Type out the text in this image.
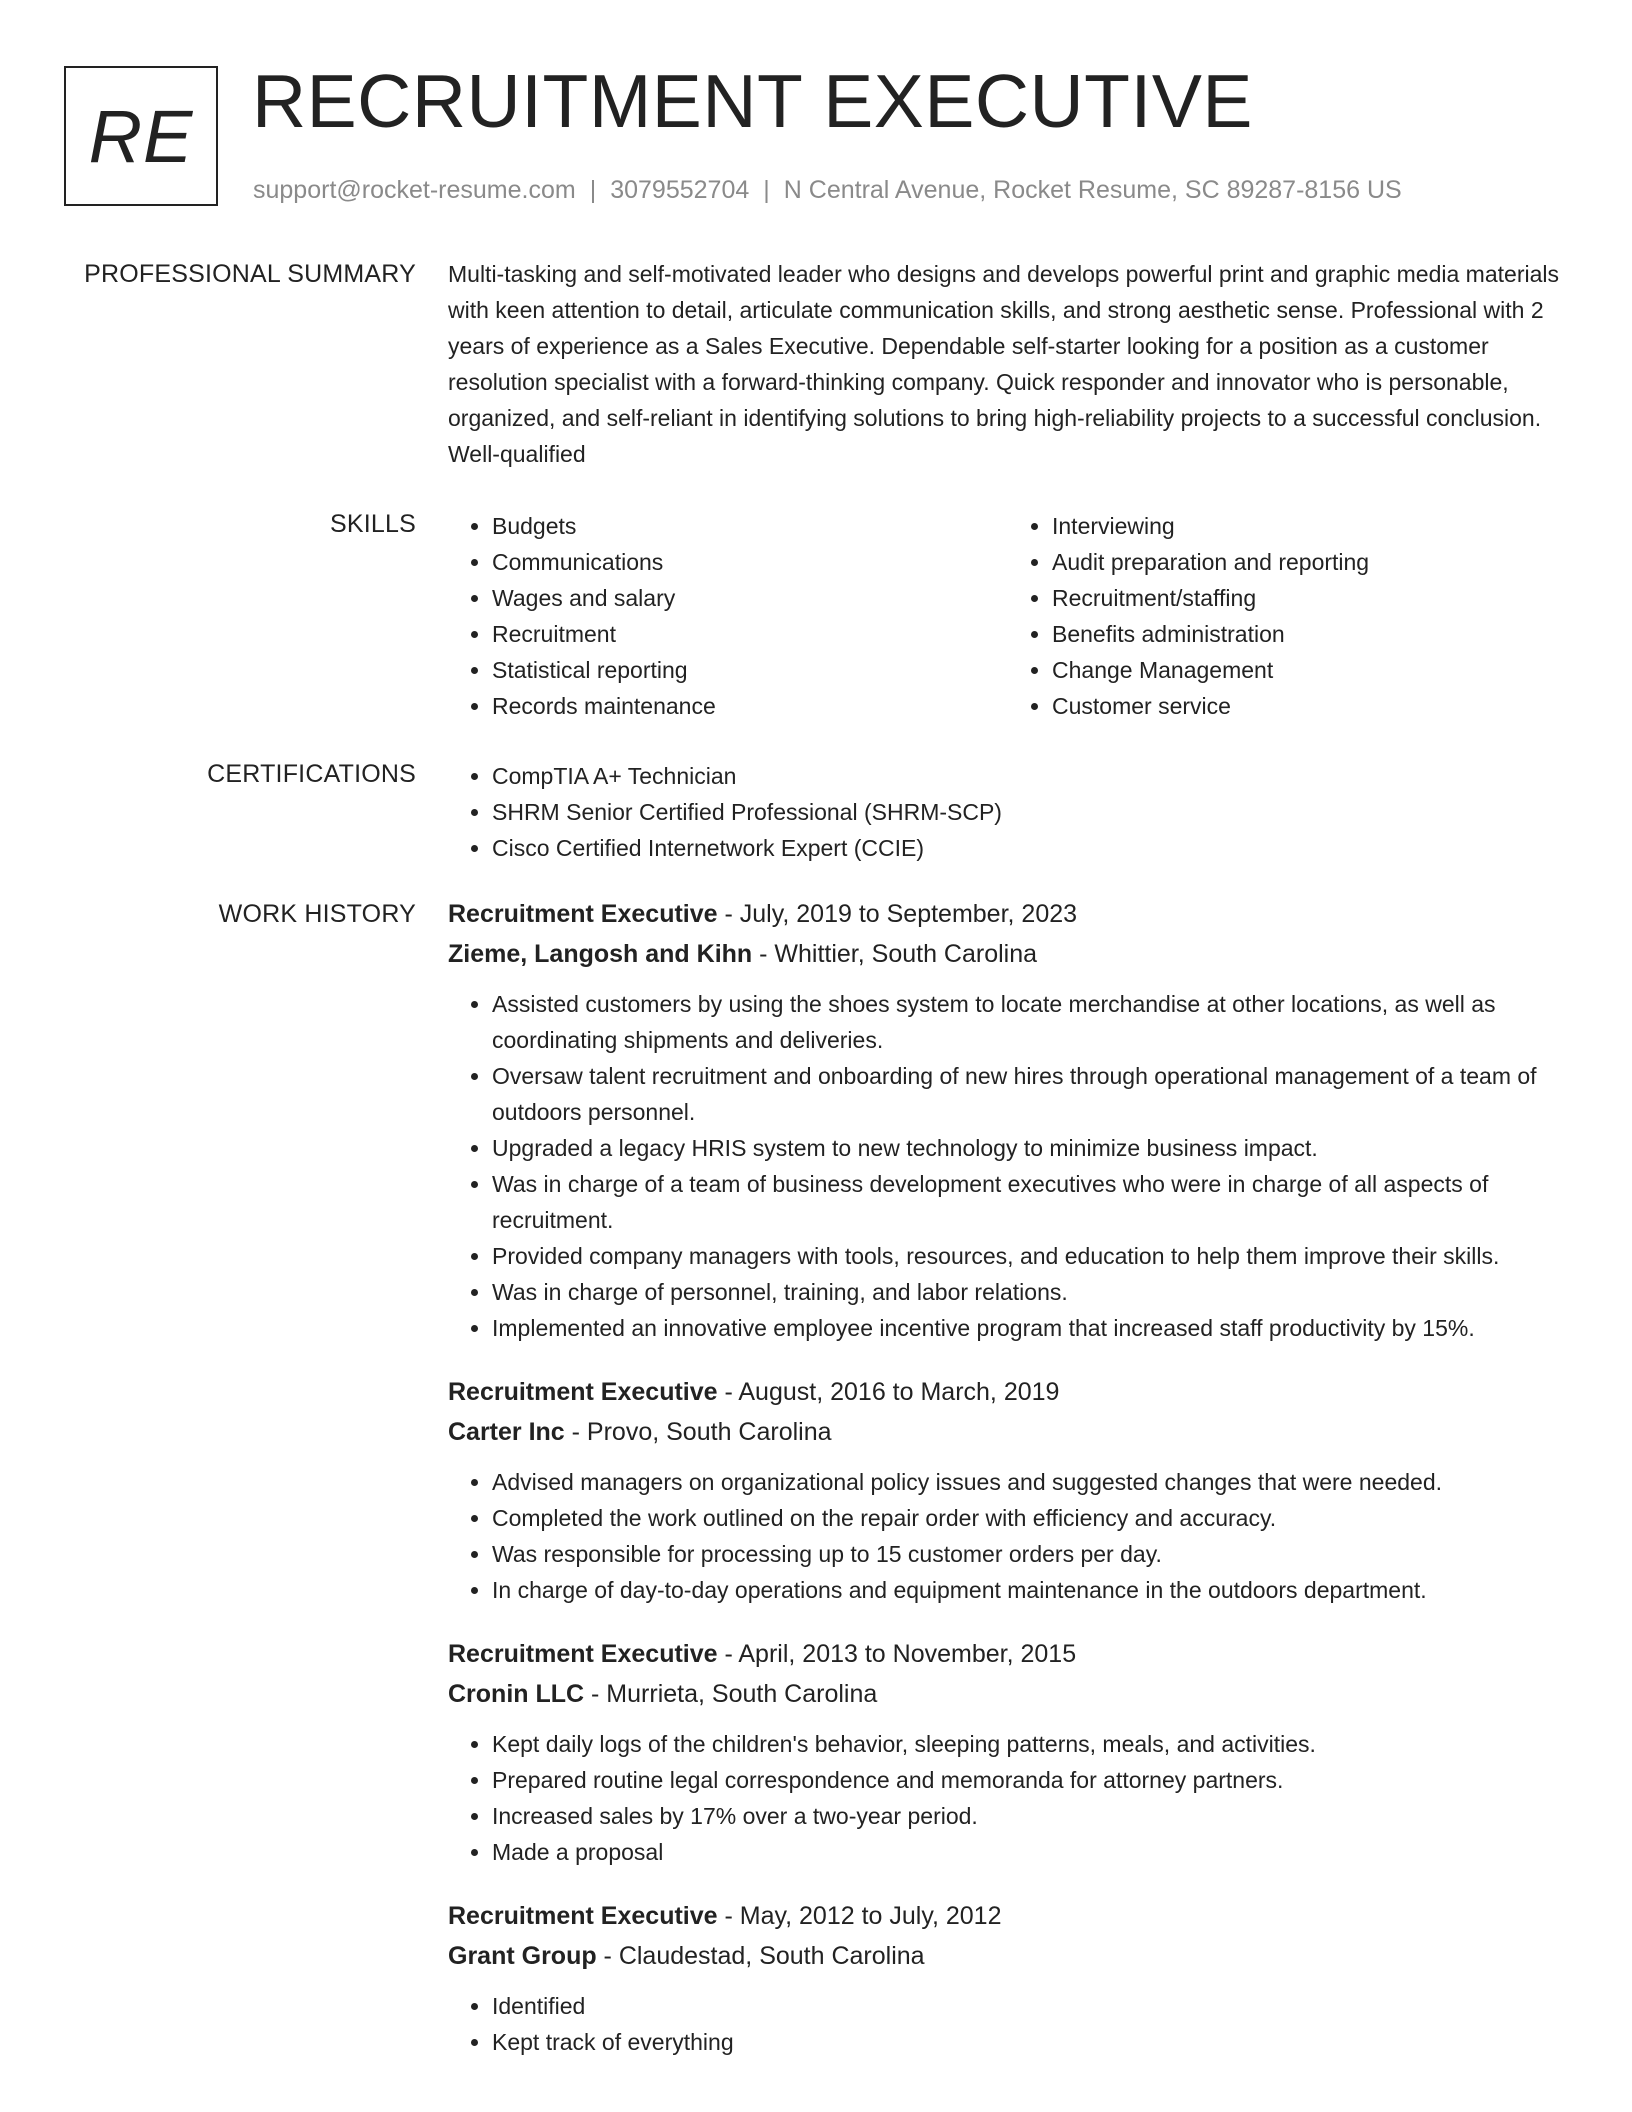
RE RECRUITMENT EXECUTIVE
support@rocket-resume.com | 3079552704 | N Central Avenue, Rocket Resume, SC 89287-8156 US
PROFESSIONAL SUMMARY Multi-tasking and self-motivated leader who designs and develops powerful print and graphic media materials with keen attention to detail, articulate communication skills, and strong aesthetic sense. Professional with 2 years of experience as a Sales Executive. Dependable self-starter looking for a position as a customer resolution specialist with a forward-thinking company. Quick responder and innovator who is personable, organized, and self-reliant in identifying solutions to bring high-reliability projects to a successful conclusion. Well-qualified

SKILLS	• Budgets
• Communications
• Wages and salary
• Recruitment
• Statistical reporting
• Records maintenance
• Interviewing
• Audit preparation and reporting
• Recruitment/staffing
• Benefits administration
• Change Management
• Customer service
CERTIFICATIONS	• CompTIA A+ Technician
• SHRM Senior Certified Professional (SHRM-SCP)
• Cisco Certified Internetwork Expert (CCIE)
WORK HISTORY Recruitment Executive - July, 2019 to September, 2023
Zieme, Langosh and Kihn - Whittier, South Carolina
• Assisted customers by using the shoes system to locate merchandise at other locations, as well as coordinating shipments and deliveries.
• Oversaw talent recruitment and onboarding of new hires through operational management of a team of outdoors personnel.
• Upgraded a legacy HRIS system to new technology to minimize business impact.
• Was in charge of a team of business development executives who were in charge of all aspects of recruitment.
• Provided company managers with tools, resources, and education to help them improve their skills.
• Was in charge of personnel, training, and labor relations.
• Implemented an innovative employee incentive program that increased staff productivity by 15%.
Recruitment Executive - August, 2016 to March, 2019
Carter Inc - Provo, South Carolina
• Advised managers on organizational policy issues and suggested changes that were needed.
• Completed the work outlined on the repair order with efficiency and accuracy.
• Was responsible for processing up to 15 customer orders per day.
• In charge of day-to-day operations and equipment maintenance in the outdoors department.
Recruitment Executive - April, 2013 to November, 2015
Cronin LLC - Murrieta, South Carolina
• Kept daily logs of the children's behavior, sleeping patterns, meals, and activities.
• Prepared routine legal correspondence and memoranda for attorney partners.
• Increased sales by 17% over a two-year period.
• Made a proposal
Recruitment Executive - May, 2012 to July, 2012
Grant Group - Claudestad, South Carolina
• Identified
• Kept track of everything
